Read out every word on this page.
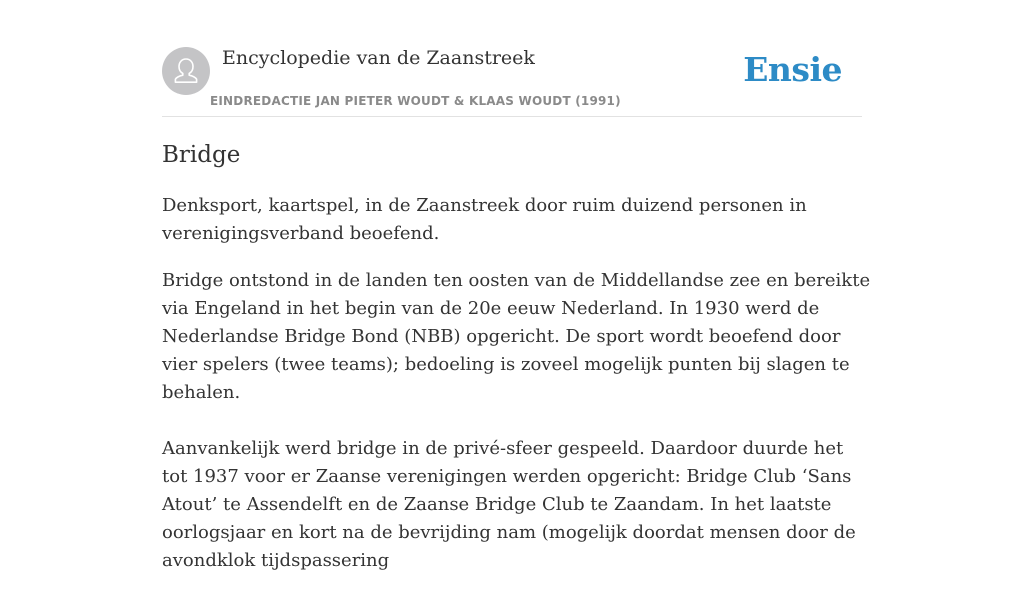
Encyclopedie van de Zaanstreek
EINDREDACTIE JAN PIETER WOUDT & KLAAS WOUDT (1991)
Ensie
Bridge

Denksport, kaartspel, in de Zaanstreek door ruim duizend personen in verenigingsverband beoefend.

Bridge ontstond in de landen ten oosten van de Middellandse zee en bereikte via Engeland in het begin van de 20e eeuw Nederland. In 1930 werd de Nederlandse Bridge Bond (NBB) opgericht. De sport wordt beoefend door vier spelers (twee teams); bedoeling is zoveel mogelijk punten bij slagen te behalen.

Aanvankelijk werd bridge in de privé-sfeer gespeeld. Daardoor duurde het tot 1937 voor er Zaanse verenigingen werden opgericht: Bridge Club ‘Sans Atout’ te Assendelft en de Zaanse Bridge Club te Zaandam. In het laatste oorlogsjaar en kort na de bevrijding nam (mogelijk doordat mensen door de avondklok tijdspassering
